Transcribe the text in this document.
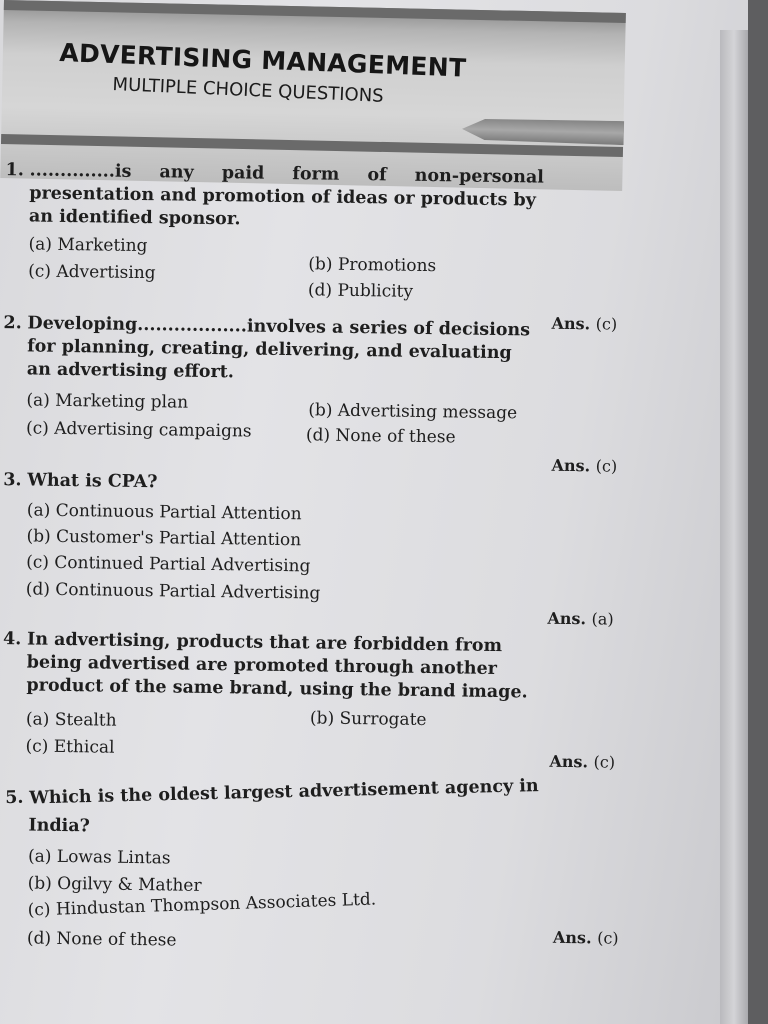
ADVERTISING MANAGEMENT
MULTIPLE CHOICE QUESTIONS
1. ..............is any paid form of non-personal
presentation and promotion of ideas or products by
an identified sponsor.
(a) Marketing
(b) Promotions
(c) Advertising
(d) Publicity
Ans. (c)
2. Developing..................involves a series of decisions
for planning, creating, delivering, and evaluating
an advertising effort.
(a) Marketing plan	(b) Advertising message
(c) Advertising campaigns	(d) None of these
Ans. (c)
3. What is CPA?
(a) Continuous Partial Attention
(b) Customer's Partial Attention
(c) Continued Partial Advertising
(d) Continuous Partial Advertising
Ans. (a)
4. In advertising, products that are forbidden from
being advertised are promoted through another
product of the same brand, using the brand image.
(a) Stealth	(b) Surrogate
(c) Ethical
Ans. (c)
5. Which is the oldest largest advertisement agency in
India?
(a) Lowas Lintas
(b) Ogilvy & Mather
(c) Hindustan Thompson Associates Ltd.
(d) None of these	Ans. (c)
